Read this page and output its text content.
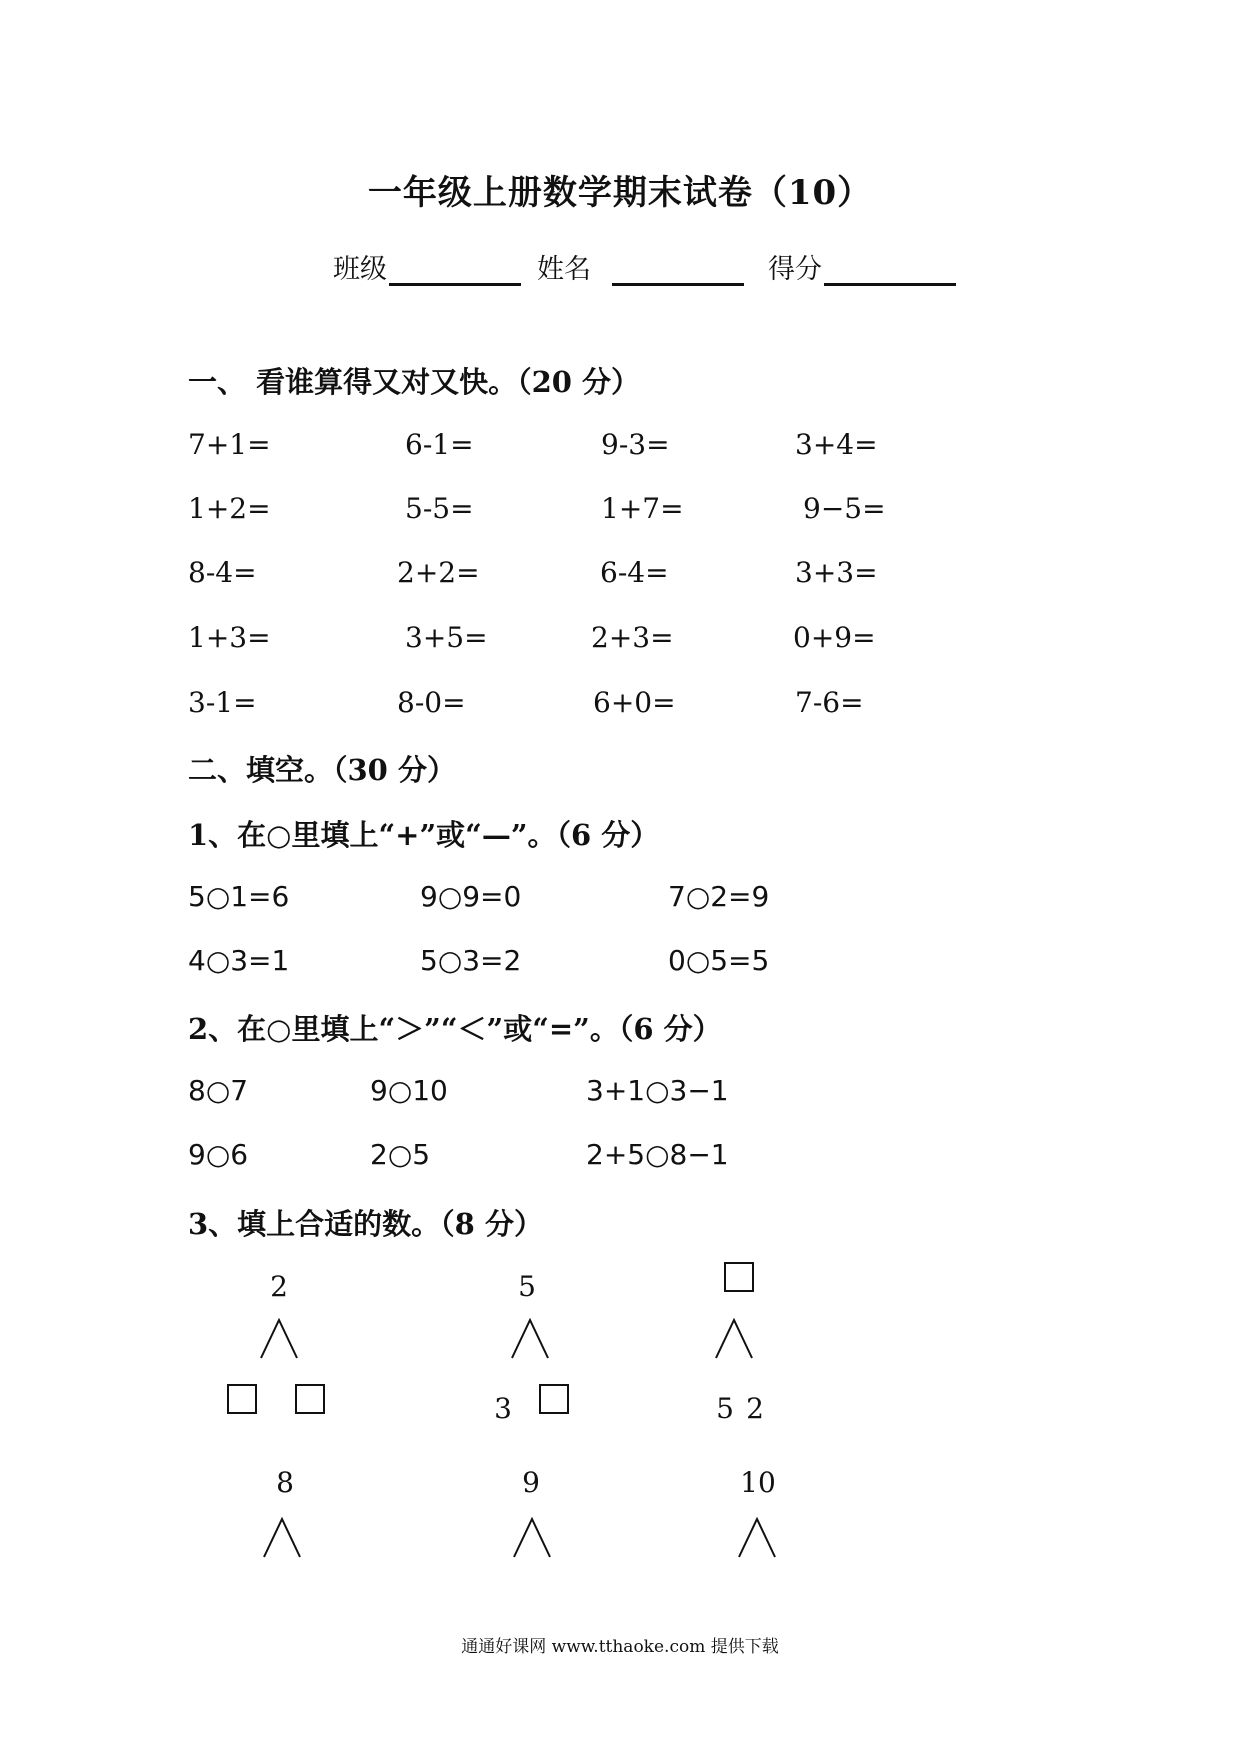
一年级上册数学期末试卷（10）
班级	姓名	得分
一、 看谁算得又对又快。（20 分）
7+1=	6-1=	9-3=	3+4=
1+2=	5-5=	1+7=	9−5=
8-4=	2+2=	6-4=	3+3=
1+3=	3+5=	2+3=	0+9=
3-1=	8-0=	6+0=	7-6=
二、填空。（30 分）
1、在○里填上“+”或“—”。（6 分）
5○1=6	9○9=0	7○2=9
4○3=1	5○3=2	0○5=5
2、在○里填上“＞”“＜”或“=”。（6 分）
8○7	9○10	3+1○3−1
9○6	2○5	2+5○8−1
3、填上合适的数。（8 分）
2	5
3	5 2
8	9	10
通通好课网 www.tthaoke.com 提供下载
